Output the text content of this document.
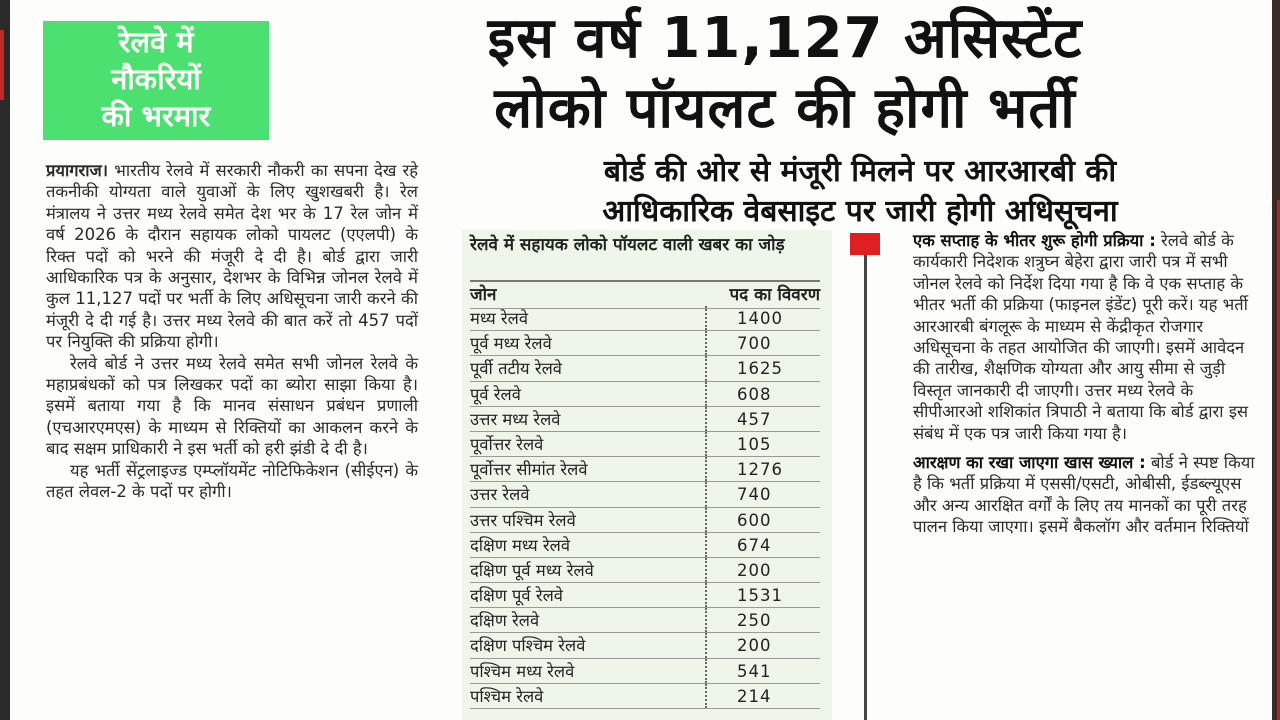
रेलवे में
नौकरियों
की भरमार
इस वर्ष 11,127 असिस्टेंट
लोको पॉयलट की होगी भर्ती
बोर्ड की ओर से मंजूरी मिलने पर आरआरबी की
आधिकारिक वेबसाइट पर जारी होगी अधिसूचना

प्रयागराज। भारतीय रेलवे में सरकारी नौकरी का सपना देख रहे तकनीकी योग्यता वाले युवाओं के लिए खुशखबरी है। रेल मंत्रालय ने उत्तर मध्य रेलवे समेत देश भर के 17 रेल जोन में वर्ष 2026 के दौरान सहायक लोको पायलट (एएलपी) के रिक्त पदों को भरने की मंजूरी दे दी है। बोर्ड द्वारा जारी आधिकारिक पत्र के अनुसार, देशभर के विभिन्न जोनल रेलवे में कुल 11,127 पदों पर भर्ती के लिए अधिसूचना जारी करने की मंजूरी दे दी गई है। उत्तर मध्य रेलवे की बात करें तो 457 पदों पर नियुक्ति की प्रक्रिया होगी।

रेलवे बोर्ड ने उत्तर मध्य रेलवे समेत सभी जोनल रेलवे के महाप्रबंधकों को पत्र लिखकर पदों का ब्योरा साझा किया है। इसमें बताया गया है कि मानव संसाधन प्रबंधन प्रणाली (एचआरएमएस) के माध्यम से रिक्तियों का आकलन करने के बाद सक्षम प्राधिकारी ने इस भर्ती को हरी झंडी दे दी है।

यह भर्ती सेंट्रलाइज्ड एम्प्लॉयमेंट नोटिफिकेशन (सीईएन) के तहत लेवल-2 के पदों पर होगी।

रेलवे में सहायक लोको पॉयलट वाली खबर का जोड़
जोन	पद का विवरण
मध्य रेलवे	1400
पूर्व मध्य रेलवे	700
पूर्वी तटीय रेलवे	1625
पूर्व रेलवे	608
उत्तर मध्य रेलवे	457
पूर्वोत्तर रेलवे	105
पूर्वोत्तर सीमांत रेलवे	1276
उत्तर रेलवे	740
उत्तर पश्चिम रेलवे	600
दक्षिण मध्य रेलवे	674
दक्षिण पूर्व मध्य रेलवे	200
दक्षिण पूर्व रेलवे	1531
दक्षिण रेलवे	250
दक्षिण पश्चिम रेलवे	200
पश्चिम मध्य रेलवे	541
पश्चिम रेलवे	214

एक सप्ताह के भीतर शुरू होगी प्रक्रिया : रेलवे बोर्ड के कार्यकारी निदेशक शत्रुघ्न बेहेरा द्वारा जारी पत्र में सभी जोनल रेलवे को निर्देश दिया गया है कि वे एक सप्ताह के भीतर भर्ती की प्रक्रिया (फाइनल इंडेंट) पूरी करें। यह भर्ती आरआरबी बंगलूरू के माध्यम से केंद्रीकृत रोजगार अधिसूचना के तहत आयोजित की जाएगी। इसमें आवेदन की तारीख, शैक्षणिक योग्यता और आयु सीमा से जुड़ी विस्तृत जानकारी दी जाएगी। उत्तर मध्य रेलवे के सीपीआरओ शशिकांत त्रिपाठी ने बताया कि बोर्ड द्वारा इस संबंध में एक पत्र जारी किया गया है।

आरक्षण का रखा जाएगा खास ख्याल : बोर्ड ने स्पष्ट किया है कि भर्ती प्रक्रिया में एससी/एसटी, ओबीसी, ईडब्ल्यूएस और अन्य आरक्षित वर्गों के लिए तय मानकों का पूरी तरह पालन किया जाएगा। इसमें बैकलॉग और वर्तमान रिक्तियों
